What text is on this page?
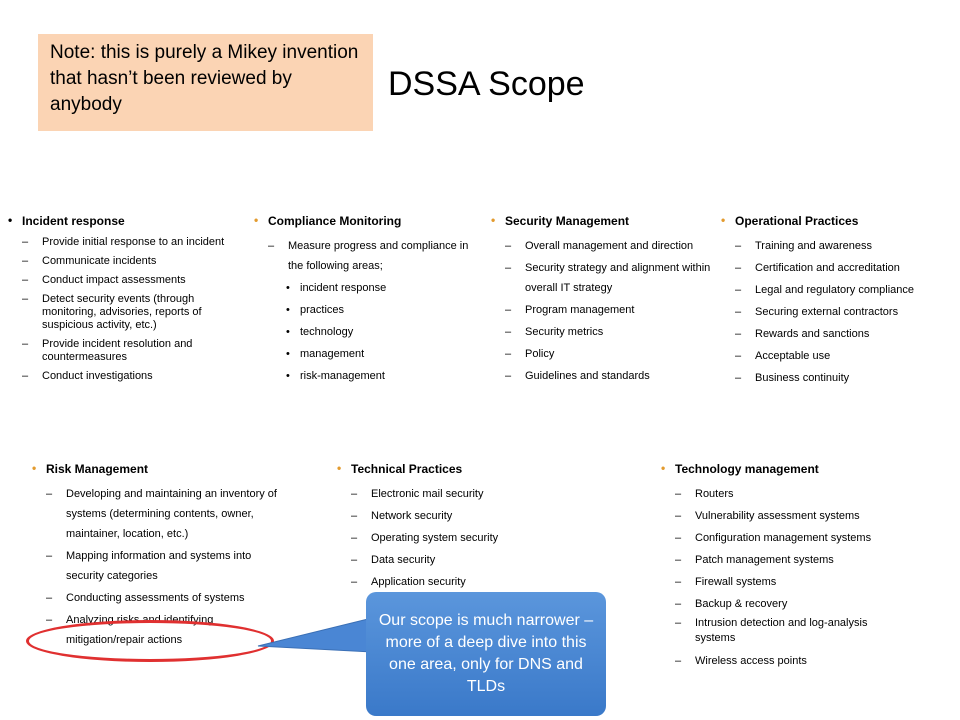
Note: this is purely a Mikey invention that hasn’t been reviewed by anybody
DSSA Scope
• Incident response
– Provide initial response to an incident
– Communicate incidents
– Conduct impact assessments
– Detect security events (through monitoring, advisories, reports of suspicious activity, etc.)
– Provide incident resolution and countermeasures
– Conduct investigations
• Compliance Monitoring
– Measure progress and compliance in the following areas;
• incident response
• practices
• technology
• management
• risk-management
• Security Management
– Overall management and direction
– Security strategy and alignment within overall IT strategy
– Program management
– Security metrics
– Policy
– Guidelines and standards
• Operational Practices
– Training and awareness
– Certification and accreditation
– Legal and regulatory compliance
– Securing external contractors
– Rewards and sanctions
– Acceptable use
– Business continuity
• Risk Management
– Developing and maintaining an inventory of systems (determining contents, owner, maintainer, location, etc.)
– Mapping information and systems into security categories
– Conducting assessments of systems
– Analyzing risks and identifying mitigation/repair actions
• Technical Practices
– Electronic mail security
– Network security
– Operating system security
– Data security
– Application security
• Technology management
– Routers
– Vulnerability assessment systems
– Configuration management systems
– Patch management systems
– Firewall systems
– Backup & recovery
– Intrusion detection and log-analysis systems
– Wireless access points
Our scope is much narrower – more of a deep dive into this one area, only for DNS and TLDs
